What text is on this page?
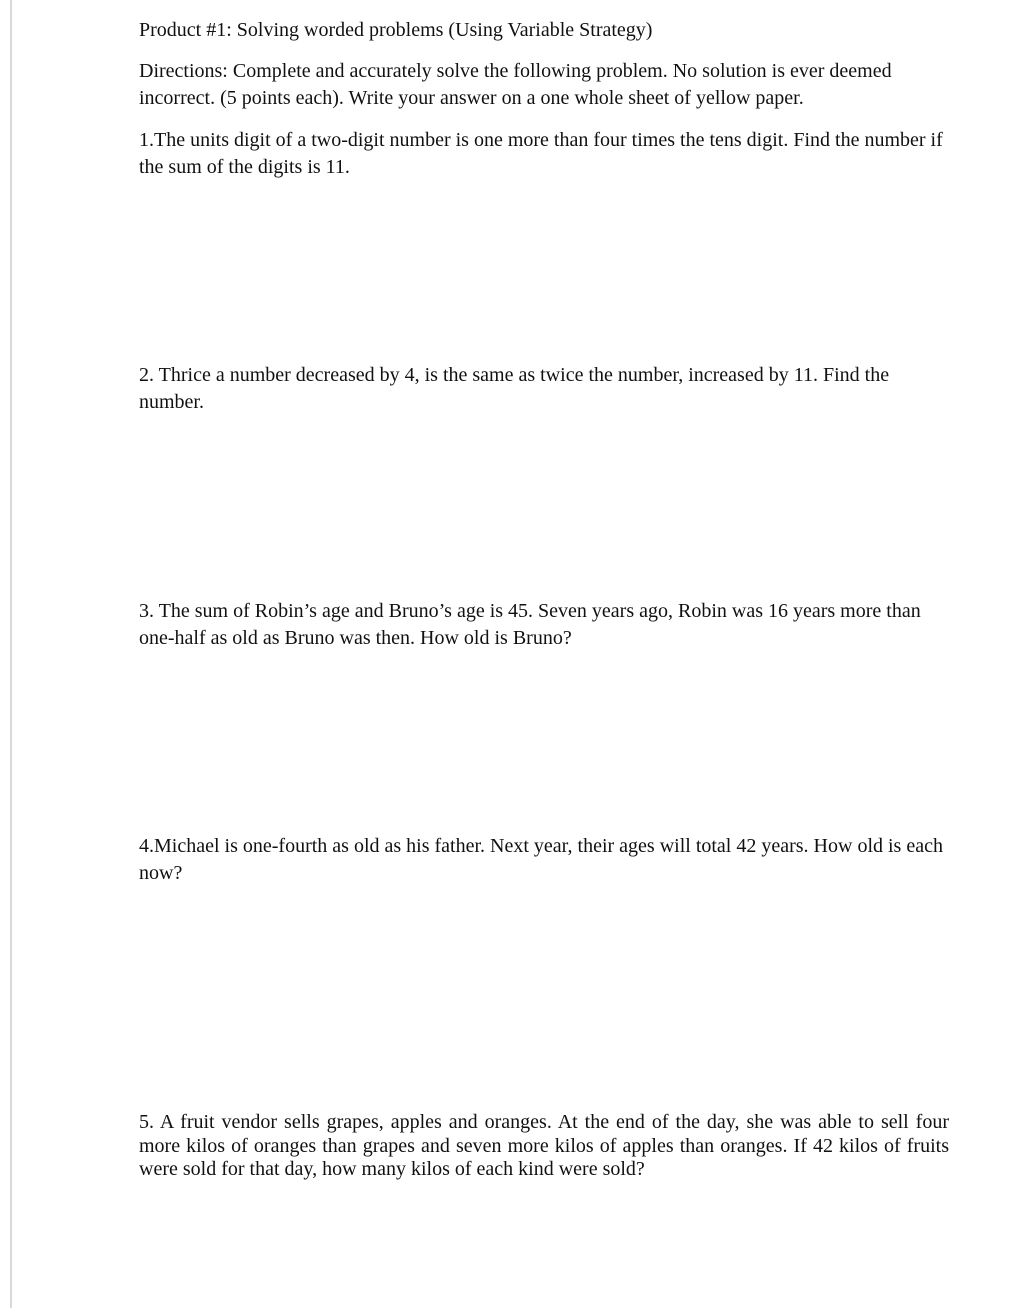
Product #1: Solving worded problems (Using Variable Strategy)
Directions: Complete and accurately solve the following problem. No solution is ever deemed incorrect. (5 points each). Write your answer on a one whole sheet of yellow paper.
1.The units digit of a two-digit number is one more than four times the tens digit. Find the number if the sum of the digits is 11.
2. Thrice a number decreased by 4, is the same as twice the number, increased by 11. Find the number.
3. The sum of Robin’s age and Bruno’s age is 45. Seven years ago, Robin was 16 years more than one-half as old as Bruno was then. How old is Bruno?
4.Michael is one-fourth as old as his father. Next year, their ages will total 42 years. How old is each now?
5. A fruit vendor sells grapes, apples and oranges. At the end of the day, she was able to sell four more kilos of oranges than grapes and seven more kilos of apples than oranges. If 42 kilos of fruits were sold for that day, how many kilos of each kind were sold?
